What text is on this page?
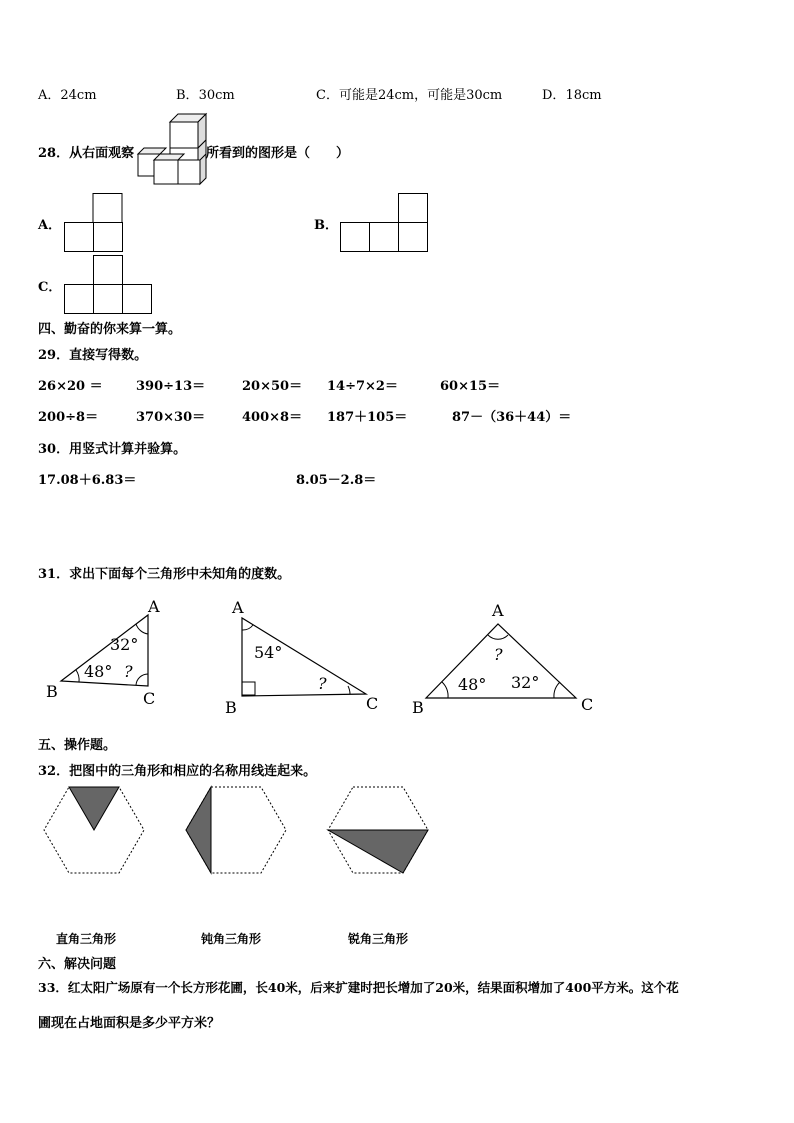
A．24cm	B．30cm	C．可能是24cm，可能是30cm	D．18cm
28．从右面观察	所看到的图形是（　　）
A．	B．
C．
四、勤奋的你来算一算。
29．直接写得数。
26×20 ＝	390÷13＝	20×50＝ 14÷7×2＝	60×15＝
200÷8＝	370×30＝	400×8＝ 187＋105＝	87－（36＋44）＝
30．用竖式计算并验算。
17.08＋6.83＝	8.05－2.8＝
31．求出下面每个三角形中未知角的度数。
A
B	C
32°
48° ?
A
B	C
54°
?
A
B	C
?
48° 32°
五、操作题。
32．把图中的三角形和相应的名称用线连起来。
直角三角形	钝角三角形	锐角三角形
六、解决问题
33．红太阳广场原有一个长方形花圃，长40米，后来扩建时把长增加了20米，结果面积增加了400平方米。这个花
圃现在占地面积是多少平方米？
